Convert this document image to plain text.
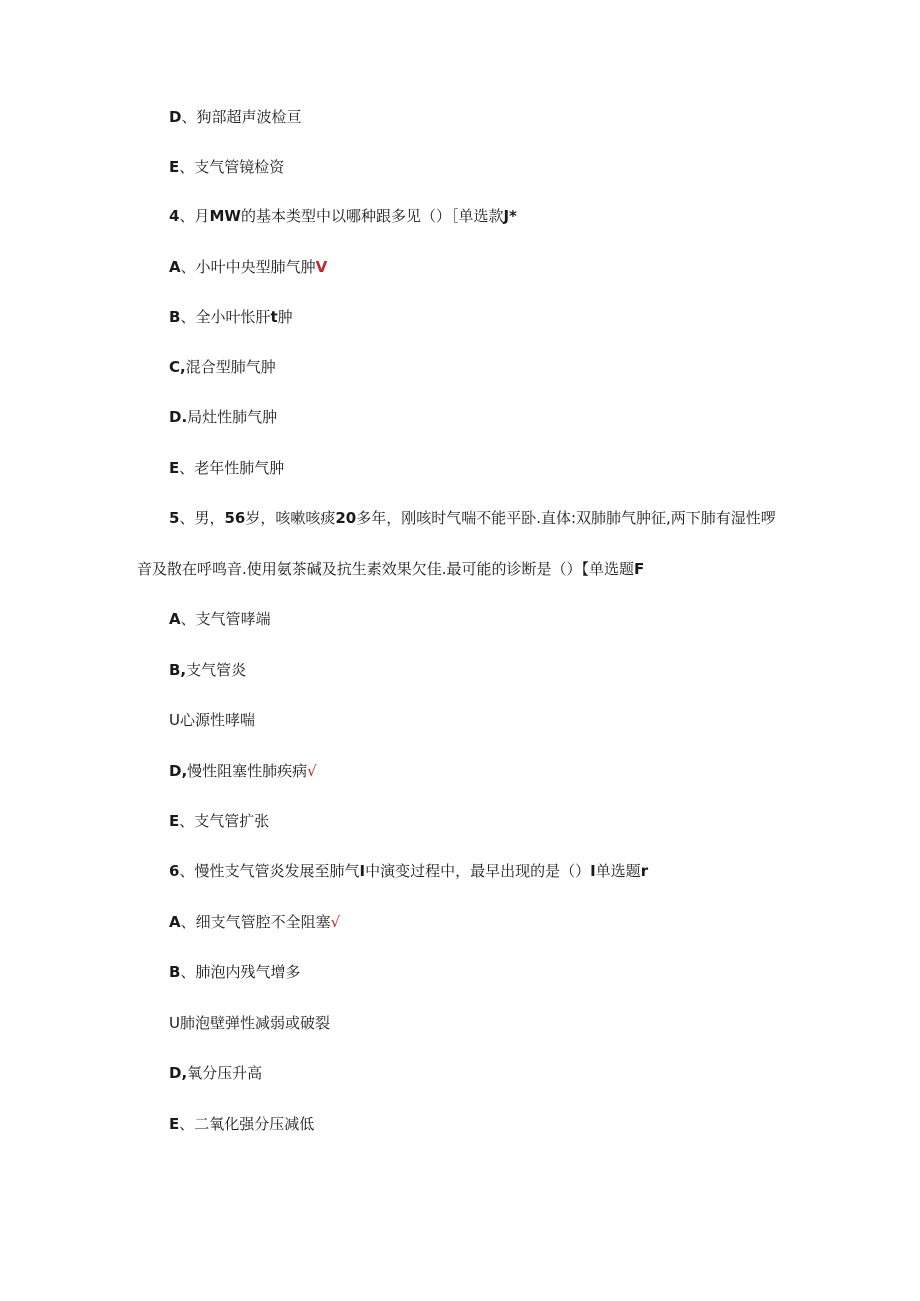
D、狗部超声波检亘
E、支气管镜检资
4、月MW的基本类型中以哪种跟多见（）［单选款J*
A、小叶中央型肺气肿V
B、全小叶怅肝t肿
C,混合型肺气肿
D.局灶性肺气肿
E、老年性肺气肿
5、男，56岁，咳嗽咳痰20多年，刚咳时气喘不能平卧.直体:双肺肺气肿征,两下肺有湿性啰
音及散在呼鸣音.使用氨茶碱及抗生素效果欠佳.最可能的诊断是（）【单选题F
A、支气管哮端
B,支气管炎
U心源性哮喘
D,慢性阻塞性肺疾病√
E、支气管扩张
6、慢性支气管炎发展至肺气I中演变过程中，最早出现的是（）I单选题r
A、细支气管腔不全阻塞√
B、肺泡内残气增多
U肺泡壁弹性减弱或破裂
D,氧分压升高
E、二氧化强分压减低
